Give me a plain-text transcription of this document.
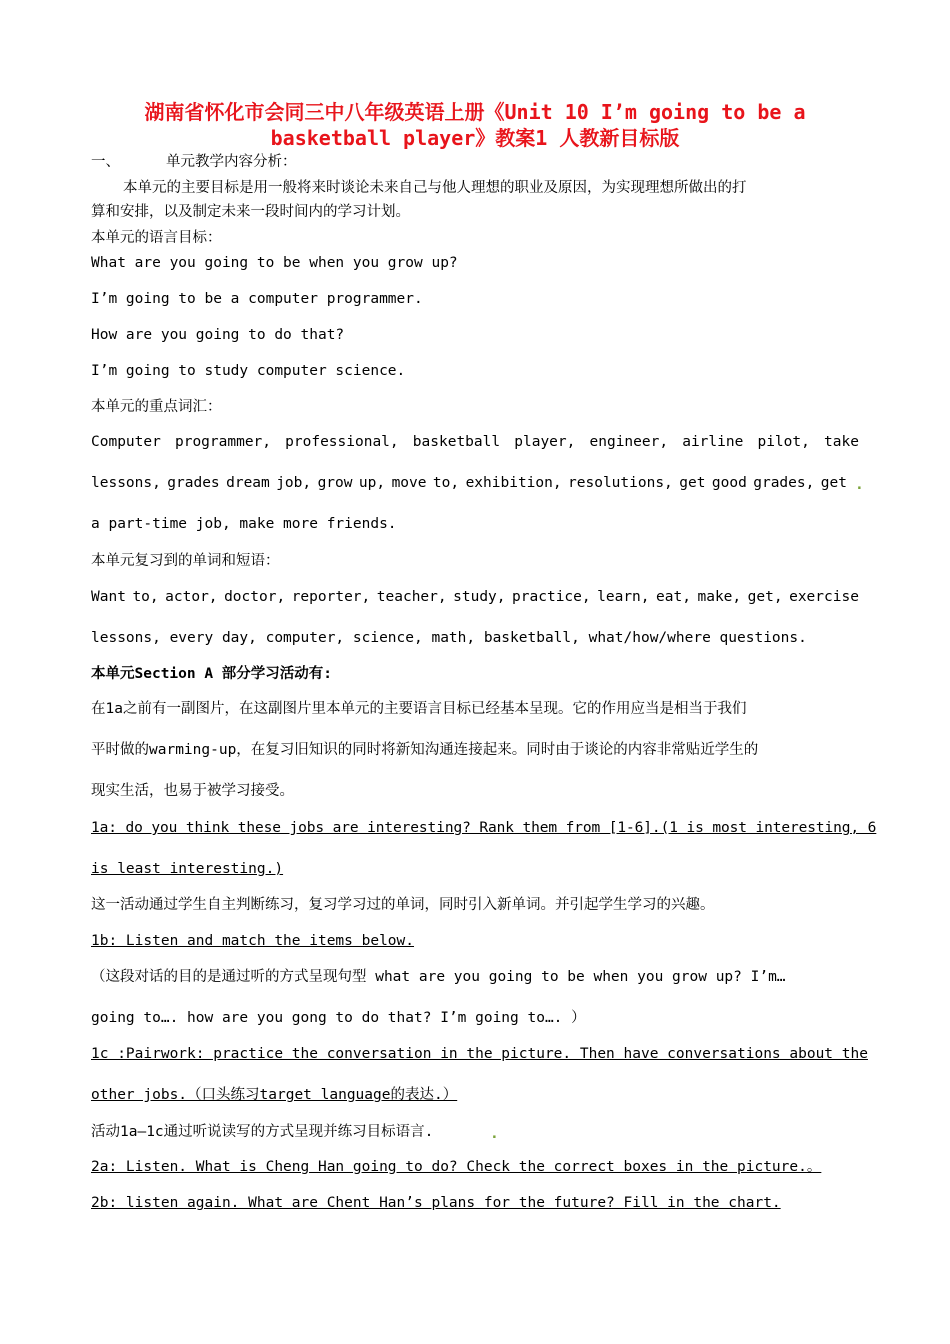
湖南省怀化市会同三中八年级英语上册《Unit 10 I’m going to be a
basketball player》教案1 人教新目标版
一、	单元教学内容分析：
本单元的主要目标是用一般将来时谈论未来自己与他人理想的职业及原因，为实现理想所做出的打
算和安排，以及制定未来一段时间内的学习计划。
本单元的语言目标：
What are you going to be when you grow up?
I’m going to be a computer programmer.
How are you going to do that?
I’m going to study computer science.
本单元的重点词汇：
Computer programmer, professional, basketball player, engineer, airline pilot, take
lessons, grades dream job, grow up, move to, exhibition, resolutions, get good grades, get .
a part-time job, make more friends.
本单元复习到的单词和短语：
Want to, actor, doctor, reporter, teacher, study, practice, learn, eat, make, get, exercise
lessons, every day, computer, science, math, basketball, what/how/where questions.
本单元Section A 部分学习活动有:
在1a之前有一副图片，在这副图片里本单元的主要语言目标已经基本呈现。它的作用应当是相当于我们
平时做的warming-up，在复习旧知识的同时将新知沟通连接起来。同时由于谈论的内容非常贴近学生的
现实生活，也易于被学习接受。
1a: do you think these jobs are interesting? Rank them from [1-6].(1 is most interesting, 6
is least interesting.)
这一活动通过学生自主判断练习，复习学习过的单词，同时引入新单词。并引起学生学习的兴趣。
1b: Listen and match the items below.
（这段对话的目的是通过听的方式呈现句型 what are you going to be when you grow up? I’m…
going to…. how are you gong to do that? I’m going to…. ）
1c :Pairwork: practice the conversation in the picture. Then have conversations about the
other jobs.（口头练习target language的表达.）
活动1a—1c通过听说读写的方式呈现并练习目标语言.	.
2a: Listen. What is Cheng Han going to do? Check the correct boxes in the picture.。
2b: listen again. What are Chent Han’s plans for the future? Fill in the chart.
